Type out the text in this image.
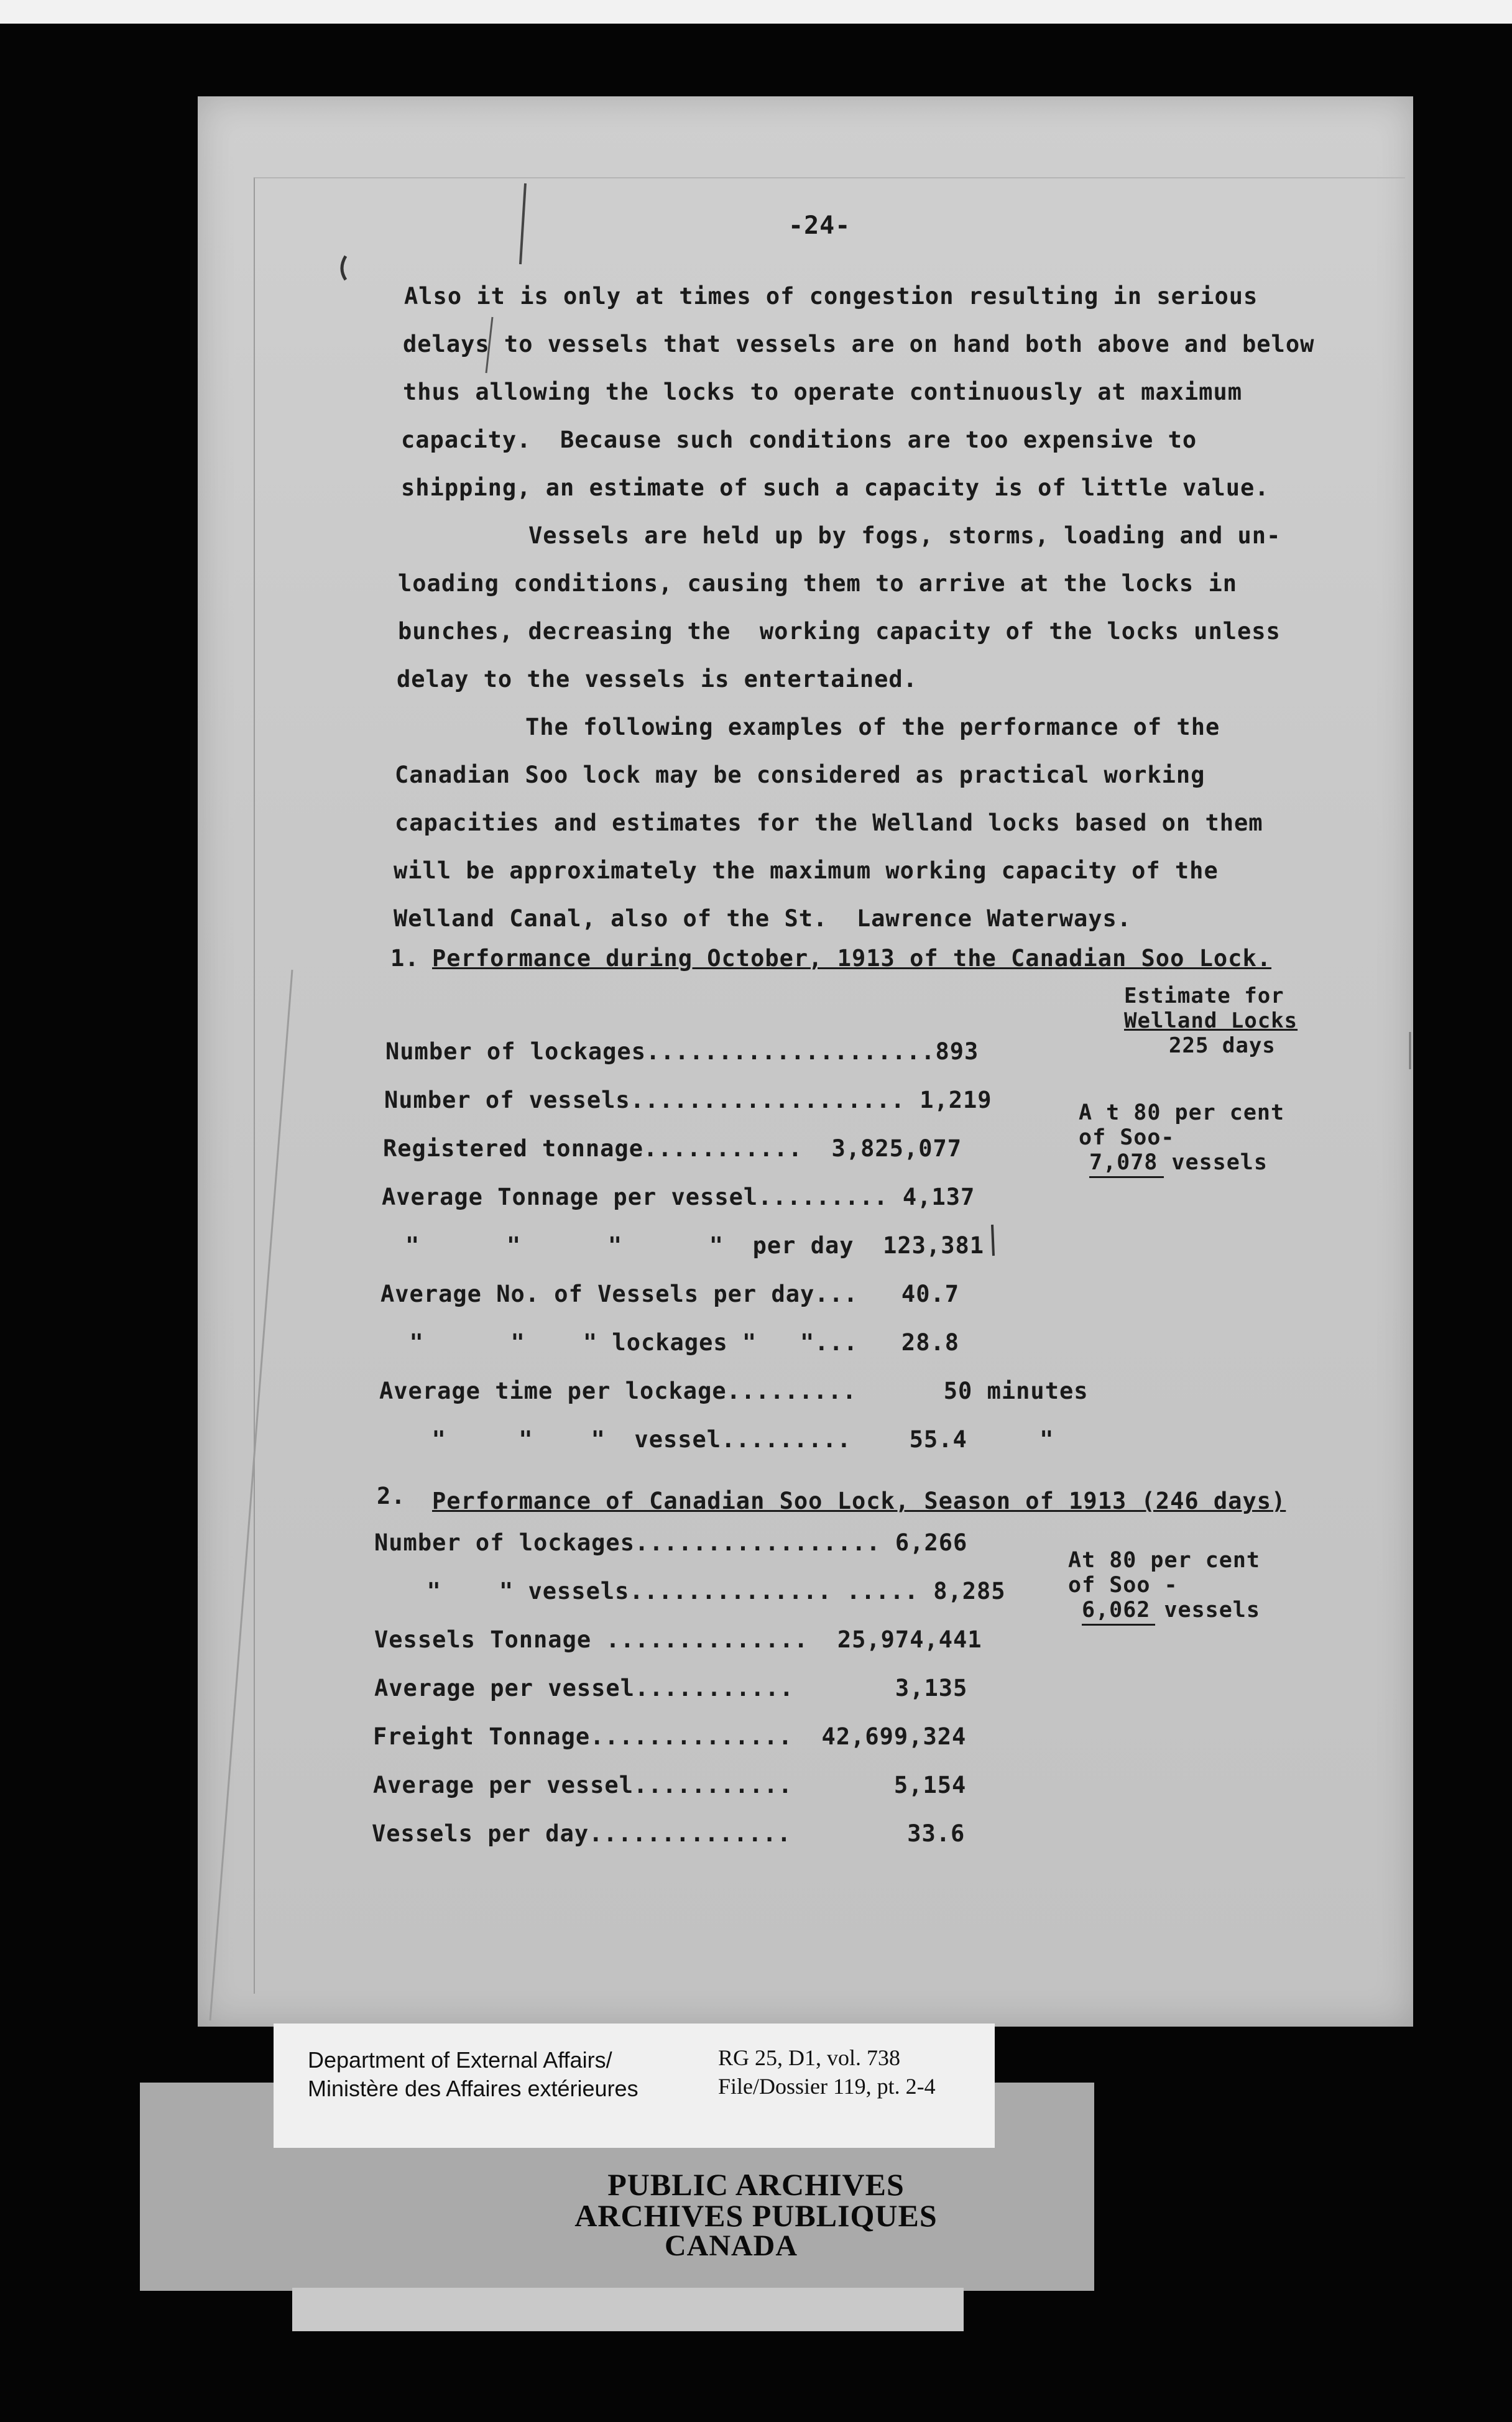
-24-
Also it is only at times of congestion resulting in serious
delays to vessels that vessels are on hand both above and below
thus allowing the locks to operate continuously at maximum
capacity.  Because such conditions are too expensive to
shipping, an estimate of such a capacity is of little value.
Vessels are held up by fogs, storms, loading and un-
loading conditions, causing them to arrive at the locks in
bunches, decreasing the  working capacity of the locks unless
delay to the vessels is entertained.
The following examples of the performance of the
Canadian Soo lock may be considered as practical working
capacities and estimates for the Welland locks based on them
will be approximately the maximum working capacity of the
Welland Canal, also of the St.  Lawrence Waterways.
1. Performance during October, 1913 of the Canadian Soo Lock.
Estimate for
Welland Locks
225 days
Number of lockages....................893
Number of vessels................... 1,219
Registered tonnage...........  3,825,077
Average Tonnage per vessel......... 4,137
"      "      "      "  per day  123,381
Average No. of Vessels per day...   40.7
"      "    " lockages "   "...   28.8
Average time per lockage.........      50 minutes
"     "    "  vessel.........    55.4     "
A t 80 per cent
of Soo-
7,078 vessels
2. Performance of Canadian Soo Lock, Season of 1913 (246 days)
Number of lockages................. 6,266
"    " vessels.............. ..... 8,285
Vessels Tonnage ..............  25,974,441
Average per vessel...........       3,135
Freight Tonnage..............  42,699,324
Average per vessel...........       5,154
Vessels per day..............        33.6
At 80 per cent
of Soo -
6,062 vessels
Department of External Affairs/
Ministère des Affaires extérieures
RG 25, D1, vol. 738
File/Dossier 119, pt. 2-4
PUBLIC ARCHIVES
ARCHIVES PUBLIQUES
CANADA
